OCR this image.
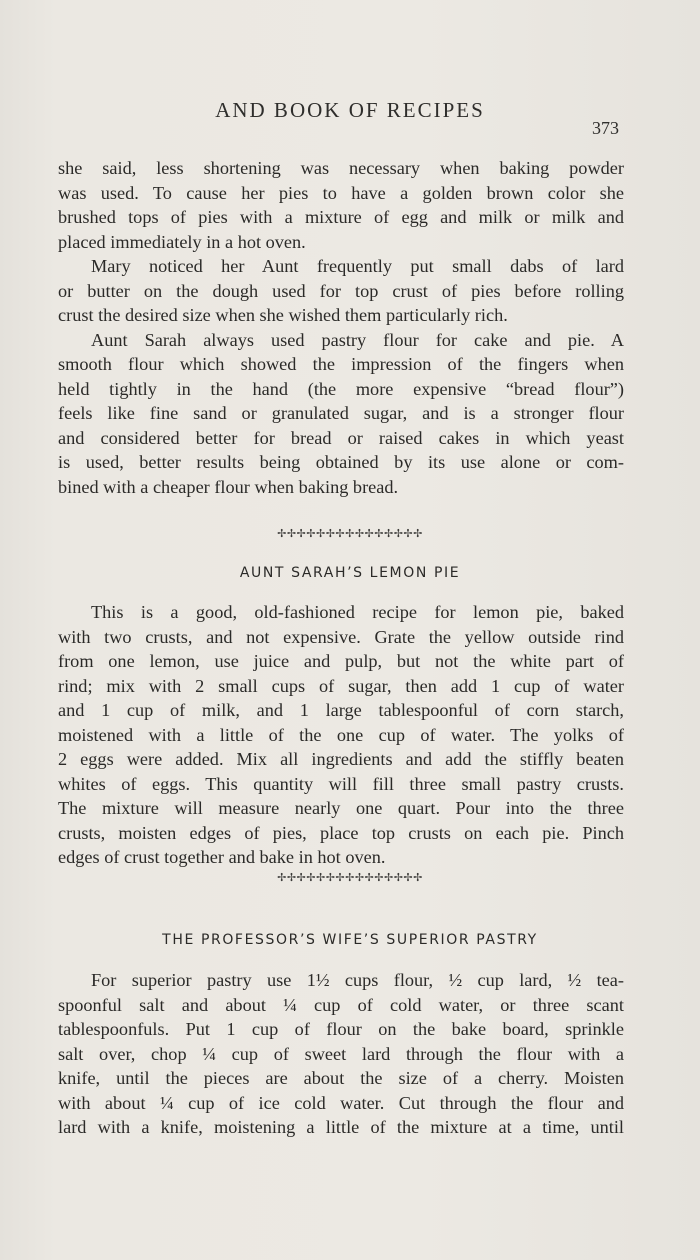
AND BOOK OF RECIPES
373
she said, less shortening was necessary when baking powder
was used. To cause her pies to have a golden brown color she
brushed tops of pies with a mixture of egg and milk or milk and
placed immediately in a hot oven.
Mary noticed her Aunt frequently put small dabs of lard
or butter on the dough used for top crust of pies before rolling
crust the desired size when she wished them particularly rich.
Aunt Sarah always used pastry flour for cake and pie. A
smooth flour which showed the impression of the fingers when
held tightly in the hand (the more expensive “bread flour”)
feels like fine sand or granulated sugar, and is a stronger flour
and considered better for bread or raised cakes in which yeast
is used, better results being obtained by its use alone or com-
bined with a cheaper flour when baking bread.
✢✢✢✢✢✢✢✢✢✢✢✢✢✢✢
AUNT SARAH’S LEMON PIE
This is a good, old-fashioned recipe for lemon pie, baked
with two crusts, and not expensive. Grate the yellow outside rind
from one lemon, use juice and pulp, but not the white part of
rind; mix with 2 small cups of sugar, then add 1 cup of water
and 1 cup of milk, and 1 large tablespoonful of corn starch,
moistened with a little of the one cup of water. The yolks of
2 eggs were added. Mix all ingredients and add the stiffly beaten
whites of eggs. This quantity will fill three small pastry crusts.
The mixture will measure nearly one quart. Pour into the three
crusts, moisten edges of pies, place top crusts on each pie. Pinch
edges of crust together and bake in hot oven.
✢✢✢✢✢✢✢✢✢✢✢✢✢✢✢
THE PROFESSOR’S WIFE’S SUPERIOR PASTRY
For superior pastry use 1½ cups flour, ½ cup lard, ½ tea-
spoonful salt and about ¼ cup of cold water, or three scant
tablespoonfuls. Put 1 cup of flour on the bake board, sprinkle
salt over, chop ¼ cup of sweet lard through the flour with a
knife, until the pieces are about the size of a cherry. Moisten
with about ¼ cup of ice cold water. Cut through the flour and
lard with a knife, moistening a little of the mixture at a time, until
